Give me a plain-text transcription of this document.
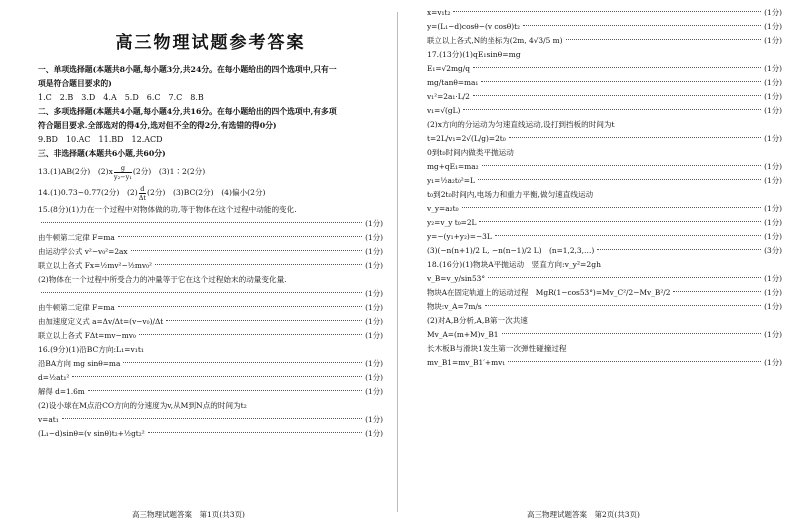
高三物理试题参考答案
一、单项选择题(本题共8小题,每小题3分,共24分。在每小题给出的四个选项中,只有一
项是符合题目要求的)
1.C　2.B　3.D　4.A　5.D　6.C　7.C　8.B
二、多项选择题(本题共4小题,每小题4分,共16分。在每小题给出的四个选项中,有多项
符合题目要求.全部选对的得4分,选对但不全的得2分,有选错的得0分)
9.BD　10.AC　11.BD　12.ACD
三、非选择题(本题共6小题,共60分)
13.(1)AB(2分)　$(2)x \frac{g}{\text{y₂−y₁}} (2$分)　(3)1∶2(2分)
14.(1)0.73~0.77(2分)　$(2) \frac{d}{\Delta t} (2$分)　(3)BC(2分)　(4)偏小(2分)
15.(8分)(1)力在一个过程中对物体做的功,等于物体在这个过程中动能的变化.
(1分)
由牛顿第二定律 F=ma	(1分)
由运动学公式 v²−v₀²=2ax	(1分)
联立以上各式 Fx=½mv²−½mv₀²	(1分)
(2)物体在一个过程中所受合力的冲量等于它在这个过程始末的动量变化量.
(1分)
由牛顿第二定律 F=ma	(1分)
由加速度定义式 a=Δv/Δt=(v−v₀)/Δt	(1分)
联立以上各式 FΔt=mv−mv₀	(1分)
16.(9分)(1)沿BC方向:L₁=v₁t₁
沿BA方向 mg sinθ=ma	(1分)
d=½at₁²	(1分)
解得 d=1.6m	(1分)
(2)设小球在M点沿CO方向的分速度为v,从M到N点的时间为t₂
v=at₁	(1分)
(L₁−d)sinθ=(v sinθ)t₂+½gt₂²	(1分)
高三物理试题答案　第1页(共3页)
x=v₁t₂	(1分)
y=(L₁−d)cosθ−(v cosθ)t₂	(1分)
联立以上各式,N的坐标为(2m, 4√3/5 m)	(1分)
17.(13分)(1)qE₁sinθ=mg
E₁=√2mg/q	(1分)
mg/tanθ=ma₁	(1分)
v₁²=2a₁·L/2	(1分)
v₁=√(gL)	(1分)
(2)x方向的分运动为匀速直线运动,设打到挡板的时间为t
t=2L/v₁=2√(L/g)=2t₀	(1分)
0到t₀时间内做类平抛运动
mg+qE₁=ma₂	(1分)
y₁=½a₂t₀²=L	(1分)
t₀到2t₀时间内,电场力和重力平衡,做匀速直线运动
v_y=a₂t₀	(1分)
y₂=v_y t₀=2L	(1分)
y=−(y₁+y₂)=−3L	(1分)
(3)(−n(n+1)/2 L, −n(n−1)/2 L)　(n=1,2,3,…)	(3分)
18.(16分)(1)物块A平抛运动　竖直方向:v_y²=2gh
v_B=v_y/sin53°	(1分)
物块A在固定轨道上的运动过程　MgR(1−cos53°)=Mv_C²/2−Mv_B²/2	(1分)
物块:v_A=7m/s	(1分)
(2)对A,B分析,A,B第一次共速
Mv_A=(m+M)v_B1	(1分)
长木板B与滑块1发生第一次弹性碰撞过程
mv_B1=mv_B1′+mv₁	(1分)
高三物理试题答案　第2页(共3页)
